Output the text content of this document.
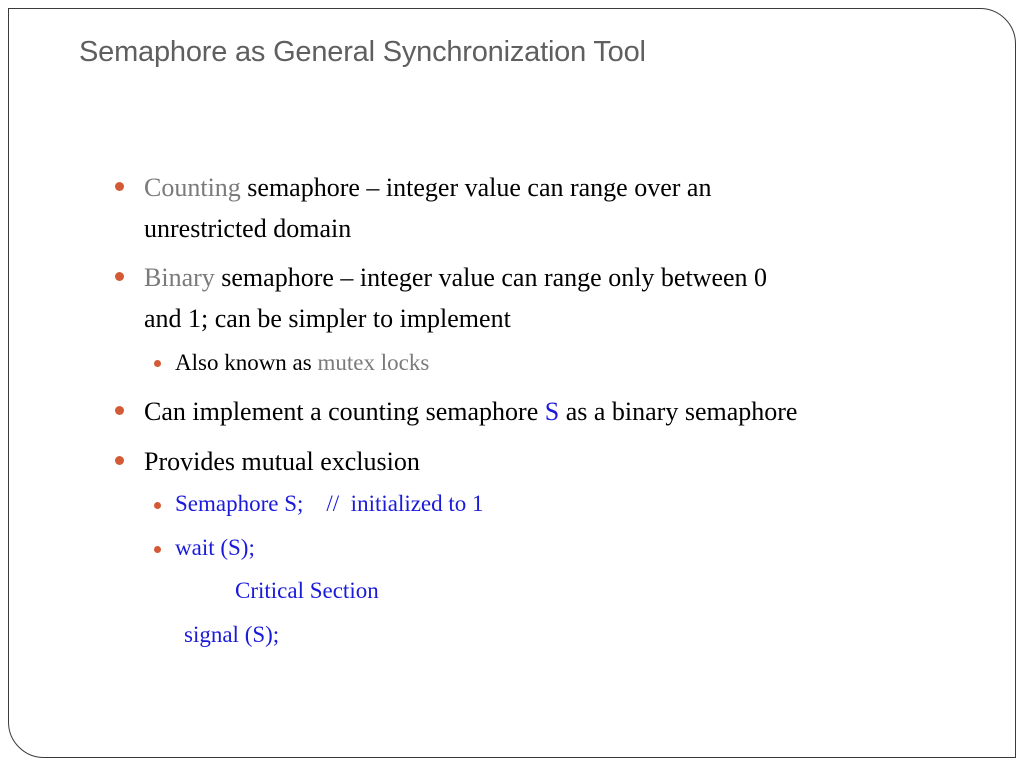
Semaphore as General Synchronization Tool
Counting semaphore – integer value can range over an
unrestricted domain
Binary semaphore – integer value can range only between 0
and 1; can be simpler to implement
Also known as mutex locks
Can implement a counting semaphore S as a binary semaphore
Provides mutual exclusion
Semaphore S;    //  initialized to 1
wait (S);
Critical Section
signal (S);
